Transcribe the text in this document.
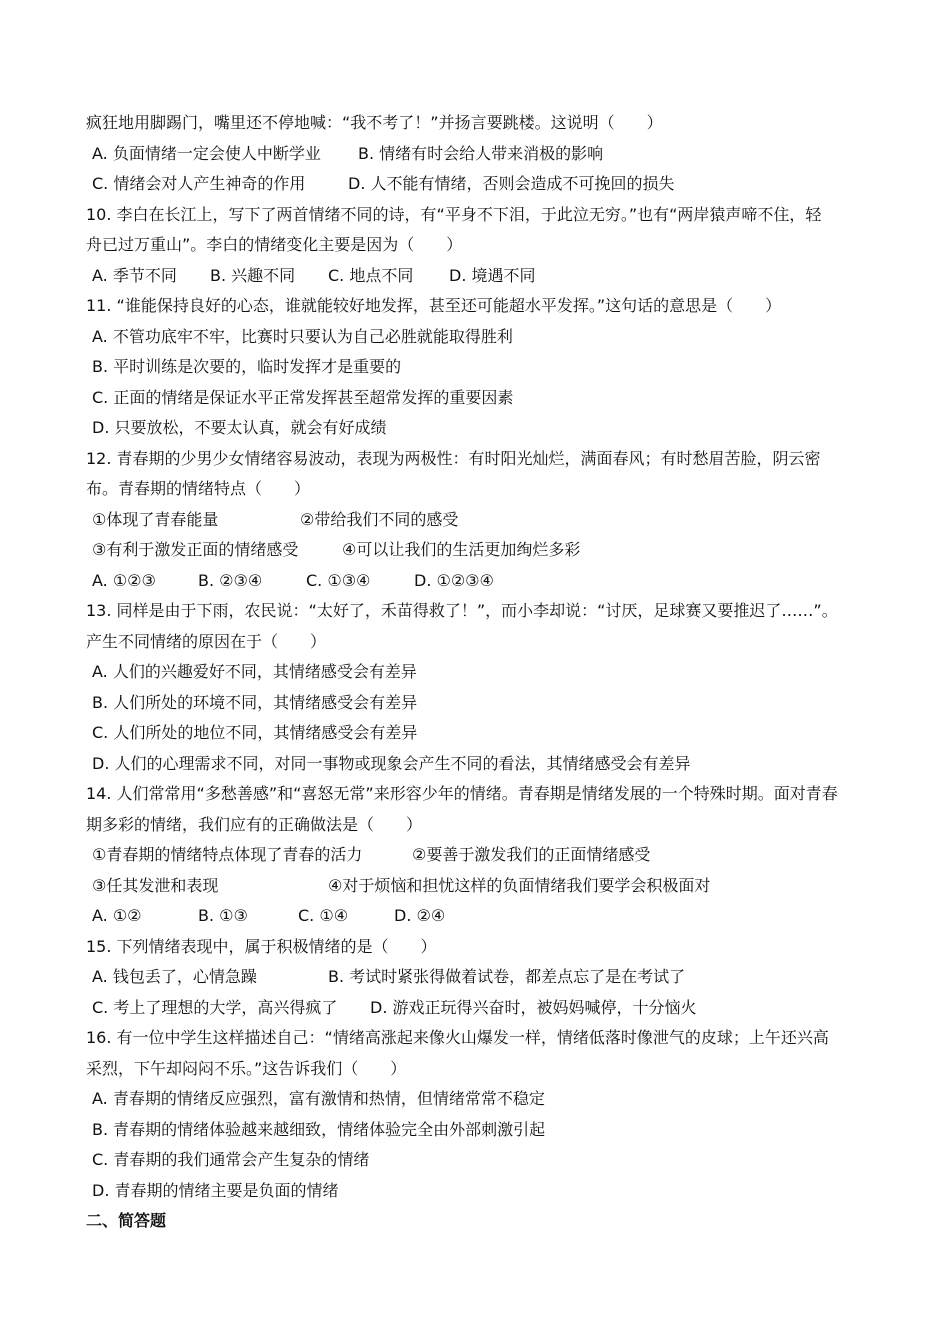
疯狂地用脚踢门，嘴里还不停地喊：“我不考了！”并扬言要跳楼。这说明（　　）
A. 负面情绪一定会使人中断学业 B. 情绪有时会给人带来消极的影响
C. 情绪会对人产生神奇的作用	D. 人不能有情绪，否则会造成不可挽回的损失
10. 李白在长江上，写下了两首情绪不同的诗，有“平身不下泪，于此泣无穷。”也有“两岸猿声啼不住，轻
舟已过万重山”。李白的情绪变化主要是因为（　　）
A. 季节不同 B. 兴趣不同 C. 地点不同 D. 境遇不同
11. “谁能保持良好的心态，谁就能较好地发挥，甚至还可能超水平发挥。”这句话的意思是（　　）
A. 不管功底牢不牢，比赛时只要认为自己必胜就能取得胜利
B. 平时训练是次要的，临时发挥才是重要的
C. 正面的情绪是保证水平正常发挥甚至超常发挥的重要因素
D. 只要放松，不要太认真，就会有好成绩
12. 青春期的少男少女情绪容易波动，表现为两极性：有时阳光灿烂，满面春风；有时愁眉苦脸，阴云密
布。青春期的情绪特点（　　）
①体现了青春能量	②带给我们不同的感受
③有利于激发正面的情绪感受	④可以让我们的生活更加绚烂多彩
A. ①②③	B. ②③④	C. ①③④	D. ①②③④
13. 同样是由于下雨，农民说：“太好了，禾苗得救了！”，而小李却说：“讨厌，足球赛又要推迟了……”。
产生不同情绪的原因在于（　　）
A. 人们的兴趣爱好不同，其情绪感受会有差异
B. 人们所处的环境不同，其情绪感受会有差异
C. 人们所处的地位不同，其情绪感受会有差异
D. 人们的心理需求不同，对同一事物或现象会产生不同的看法，其情绪感受会有差异
14. 人们常常用“多愁善感”和“喜怒无常”来形容少年的情绪。青春期是情绪发展的一个特殊时期。面对青春
期多彩的情绪，我们应有的正确做法是（　　）
①青春期的情绪特点体现了青春的活力	②要善于激发我们的正面情绪感受
③任其发泄和表现	④对于烦恼和担忧这样的负面情绪我们要学会积极面对
A. ①②	B. ①③	C. ①④	D. ②④
15. 下列情绪表现中，属于积极情绪的是（　　）
A. 钱包丢了，心情急躁	B. 考试时紧张得做着试卷，都差点忘了是在考试了
C. 考上了理想的大学，高兴得疯了 D. 游戏正玩得兴奋时，被妈妈喊停，十分恼火
16. 有一位中学生这样描述自己：“情绪高涨起来像火山爆发一样，情绪低落时像泄气的皮球；上午还兴高
采烈，下午却闷闷不乐。”这告诉我们（　　）
A. 青春期的情绪反应强烈，富有激情和热情，但情绪常常不稳定
B. 青春期的情绪体验越来越细致，情绪体验完全由外部刺激引起
C. 青春期的我们通常会产生复杂的情绪
D. 青春期的情绪主要是负面的情绪
二、简答题
